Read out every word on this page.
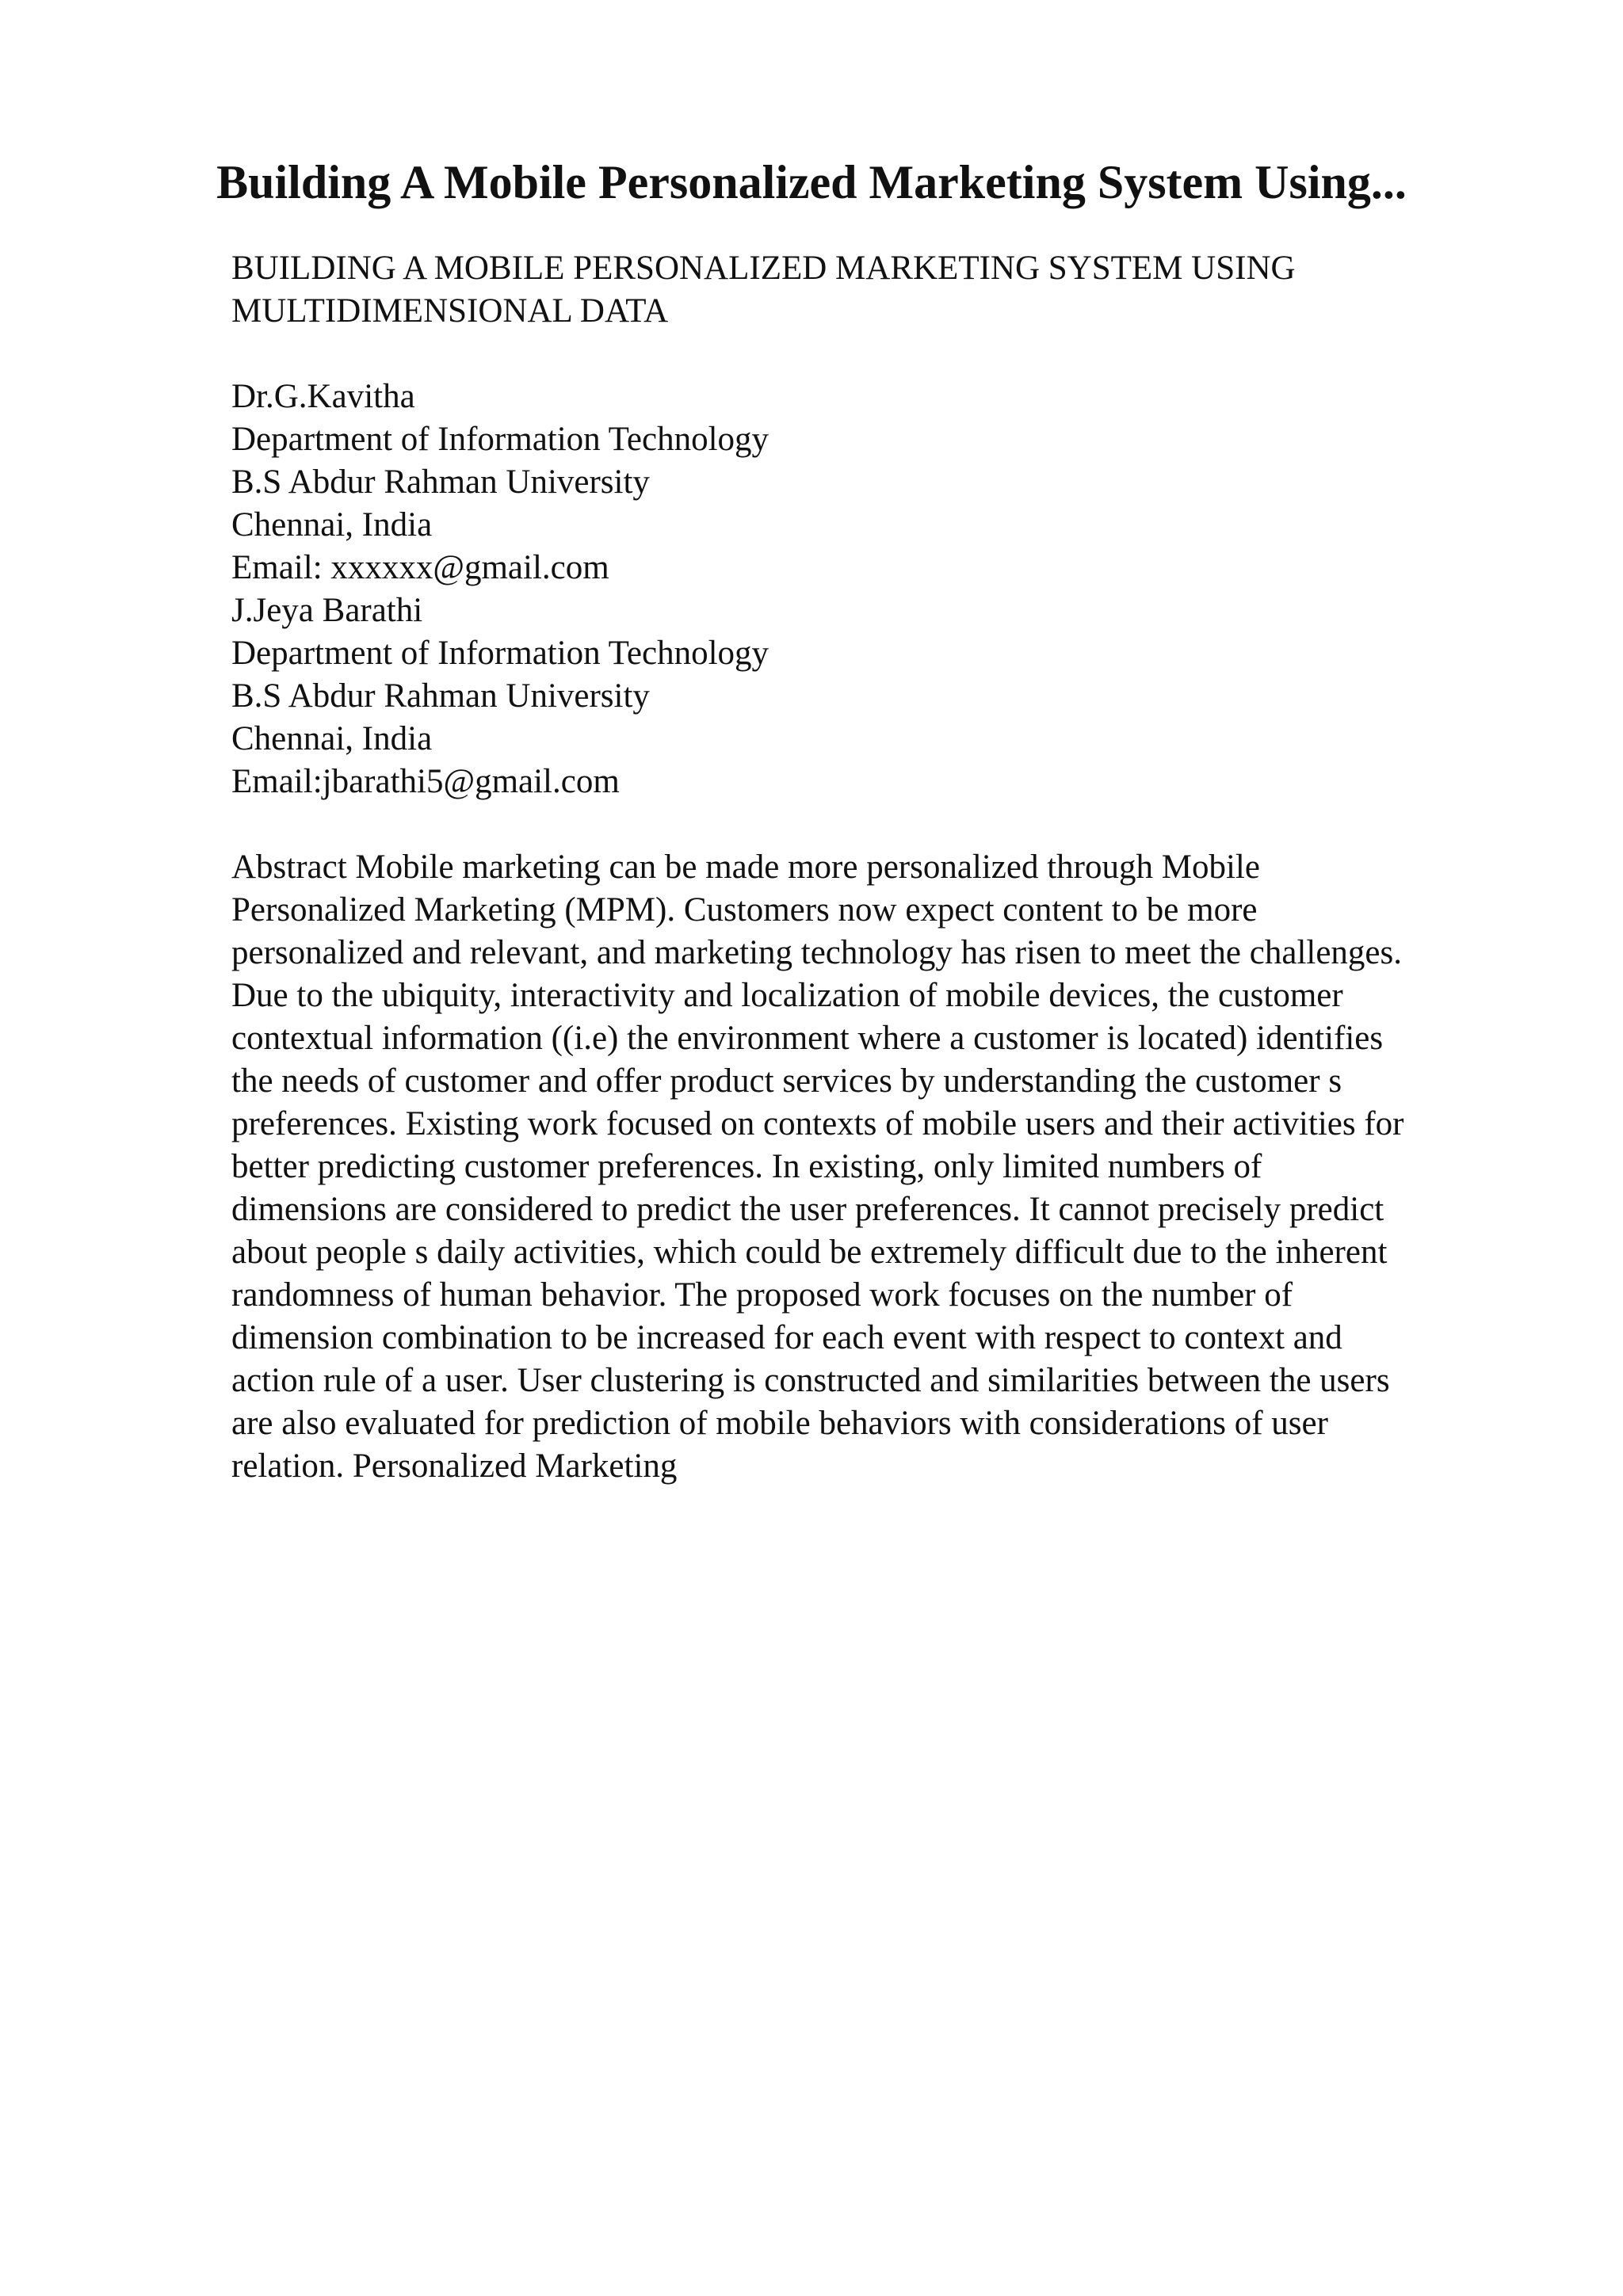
Building A Mobile Personalized Marketing System Using...

BUILDING A MOBILE PERSONALIZED MARKETING SYSTEM USING
MULTIDIMENSIONAL DATA

Dr.G.Kavitha
Department of Information Technology
B.S Abdur Rahman University
Chennai, India
Email: xxxxxx@gmail.com
J.Jeya Barathi
Department of Information Technology
B.S Abdur Rahman University
Chennai, India
Email:jbarathi5@gmail.com
Abstract Mobile marketing can be made more personalized through Mobile
Personalized Marketing (MPM). Customers now expect content to be more
personalized and relevant, and marketing technology has risen to meet the challenges.
Due to the ubiquity, interactivity and localization of mobile devices, the customer
contextual information ((i.e) the environment where a customer is located) identifies
the needs of customer and offer product services by understanding the customer s
preferences. Existing work focused on contexts of mobile users and their activities for
better predicting customer preferences. In existing, only limited numbers of
dimensions are considered to predict the user preferences. It cannot precisely predict
about people s daily activities, which could be extremely difficult due to the inherent
randomness of human behavior. The proposed work focuses on the number of
dimension combination to be increased for each event with respect to context and
action rule of a user. User clustering is constructed and similarities between the users
are also evaluated for prediction of mobile behaviors with considerations of user
relation. Personalized Marketing
